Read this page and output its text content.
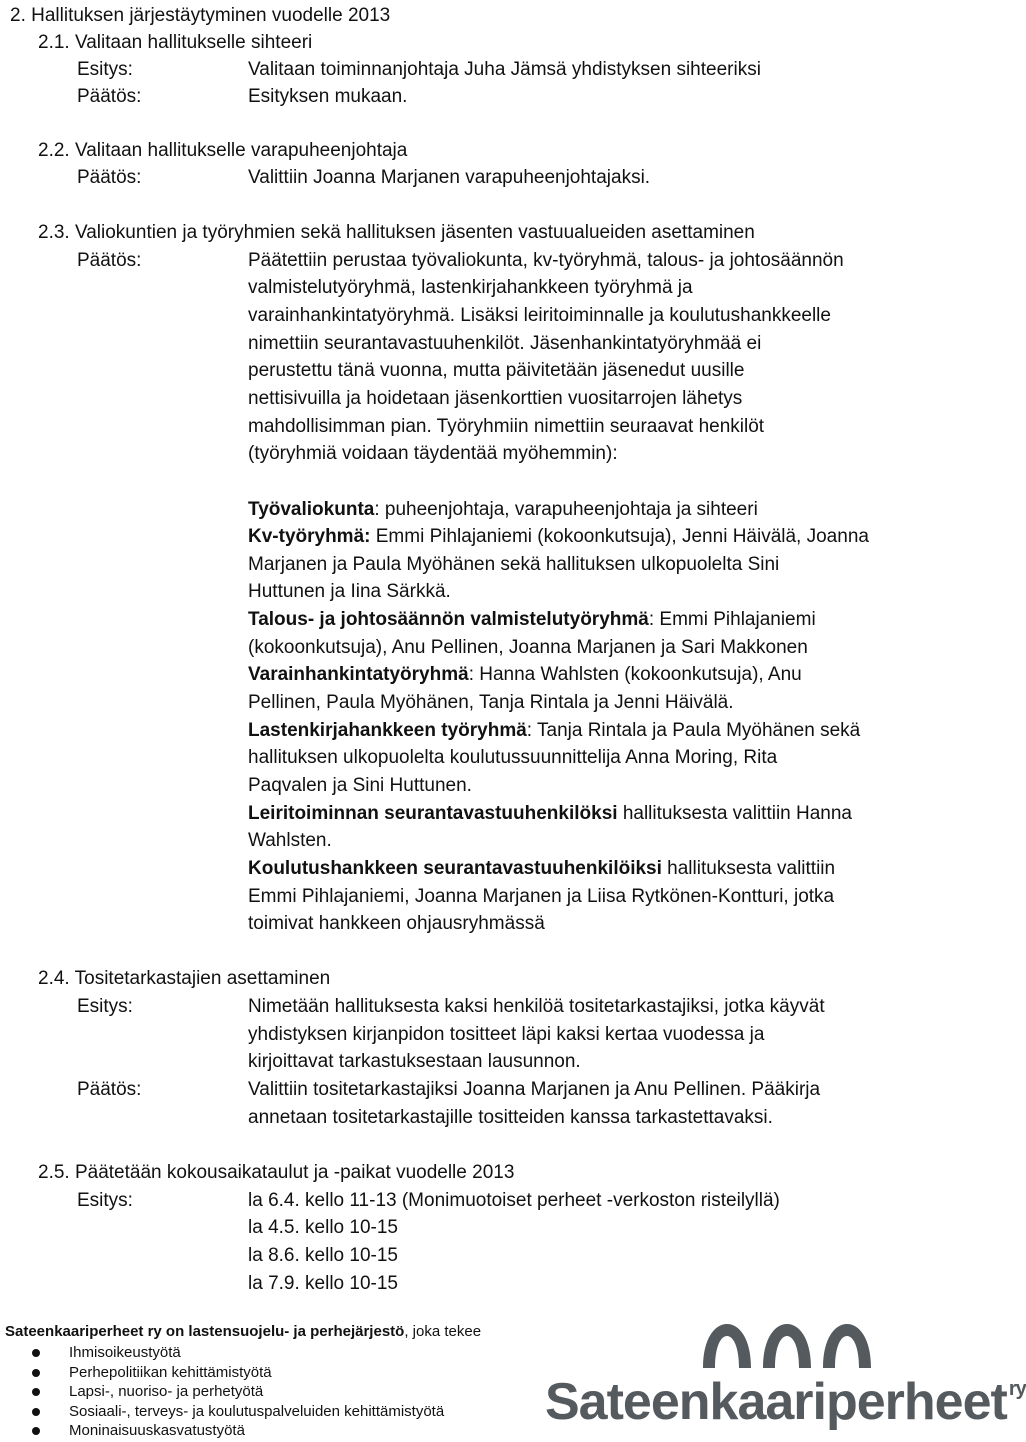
2. Hallituksen järjestäytyminen vuodelle 2013
2.1. Valitaan hallitukselle sihteeri
Esitys:	Valitaan toiminnanjohtaja Juha Jämsä yhdistyksen sihteeriksi
Päätös:	Esityksen mukaan.
2.2. Valitaan hallitukselle varapuheenjohtaja
Päätös:	Valittiin Joanna Marjanen varapuheenjohtajaksi.
2.3. Valiokuntien ja työryhmien sekä hallituksen jäsenten vastuualueiden asettaminen
Päätös:	Päätettiin perustaa työvaliokunta, kv-työryhmä, talous- ja johtosäännön
valmistelutyöryhmä, lastenkirjahankkeen työryhmä ja
varainhankintatyöryhmä. Lisäksi leiritoiminnalle ja koulutushankkeelle
nimettiin seurantavastuuhenkilöt. Jäsenhankintatyöryhmää ei
perustettu tänä vuonna, mutta päivitetään jäsenedut uusille
nettisivuilla ja hoidetaan jäsenkorttien vuositarrojen lähetys
mahdollisimman pian. Työryhmiin nimettiin seuraavat henkilöt
(työryhmiä voidaan täydentää myöhemmin):
Työvaliokunta: puheenjohtaja, varapuheenjohtaja ja sihteeri
Kv-työryhmä: Emmi Pihlajaniemi (kokoonkutsuja), Jenni Häivälä, Joanna
Marjanen ja Paula Myöhänen sekä hallituksen ulkopuolelta Sini
Huttunen ja Iina Särkkä.
Talous- ja johtosäännön valmistelutyöryhmä: Emmi Pihlajaniemi
(kokoonkutsuja), Anu Pellinen, Joanna Marjanen ja Sari Makkonen
Varainhankintatyöryhmä: Hanna Wahlsten (kokoonkutsuja), Anu
Pellinen, Paula Myöhänen, Tanja Rintala ja Jenni Häivälä.
Lastenkirjahankkeen työryhmä: Tanja Rintala ja Paula Myöhänen sekä
hallituksen ulkopuolelta koulutussuunnittelija Anna Moring, Rita
Paqvalen ja Sini Huttunen.
Leiritoiminnan seurantavastuuhenkilöksi hallituksesta valittiin Hanna
Wahlsten.
Koulutushankkeen seurantavastuuhenkilöiksi hallituksesta valittiin
Emmi Pihlajaniemi, Joanna Marjanen ja Liisa Rytkönen-Kontturi, jotka
toimivat hankkeen ohjausryhmässä
2.4. Tositetarkastajien asettaminen
Esitys:	Nimetään hallituksesta kaksi henkilöä tositetarkastajiksi, jotka käyvät
yhdistyksen kirjanpidon tositteet läpi kaksi kertaa vuodessa ja
kirjoittavat tarkastuksestaan lausunnon.
Päätös:	Valittiin tositetarkastajiksi Joanna Marjanen ja Anu Pellinen. Pääkirja
annetaan tositetarkastajille tositteiden kanssa tarkastettavaksi.
2.5. Päätetään kokousaikataulut ja -paikat vuodelle 2013
Esitys:	la 6.4. kello 11-13 (Monimuotoiset perheet -verkoston risteilyllä)
la 4.5. kello 10-15
la 8.6. kello 10-15
la 7.9. kello 10-15
Sateenkaariperheet ry on lastensuojelu- ja perhejärjestö, joka tekee
Ihmisoikeustyötä
Perhepolitiikan kehittämistyötä
Lapsi-, nuoriso- ja perhetyötä
Sosiaali-, terveys- ja koulutuspalveluiden kehittämistyötä
Moninaisuuskasvatustyötä	Sateenkaariperheet $^{ry}$
